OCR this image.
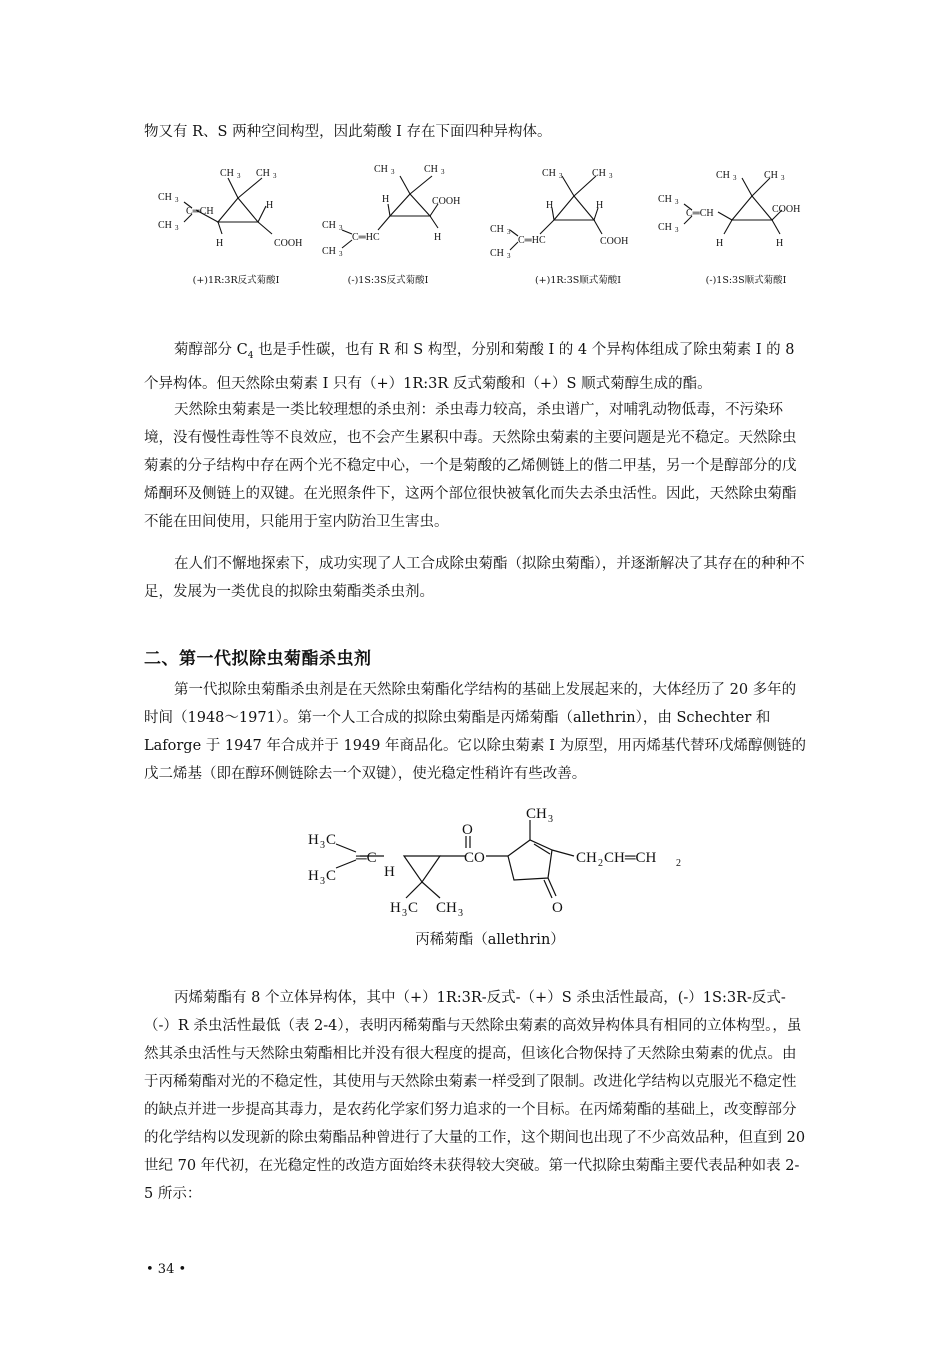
物又有 R、S 两种空间构型，因此菊酸 I 存在下面四种异构体。

CH 3 CH 3
CH 3
CH 3
C═CH
H
H	COOH
CH 3	CH 3
H	COOH
CH 3
C═HC
CH 3
H
CH 3	CH 3
H	H
CH 3
C═HC
CH 3
COOH
CH 3	CH 3
CH 3
CH 3
C═CH	COOH
H	H
(+)1R:3R反式菊酸I	(-)1S:3S反式菊酸I	(+)1R:3S顺式菊酸I	(-)1S:3S顺式菊酸I

菊醇部分 $C_4$ 也是手性碳，也有 R 和 S 构型，分别和菊酸 I 的 4 个异构体组成了除虫菊素 I 的 8 个异构体。但天然除虫菊素 I 只有（+）1R:3R 反式菊酸和（+）S 顺式菊醇生成的酯。

天然除虫菊素是一类比较理想的杀虫剂：杀虫毒力较高，杀虫谱广，对哺乳动物低毒，不污染环境，没有慢性毒性等不良效应，也不会产生累积中毒。天然除虫菊素的主要问题是光不稳定。天然除虫菊素的分子结构中存在两个光不稳定中心，一个是菊酸的乙烯侧链上的偕二甲基，另一个是醇部分的戊烯酮环及侧链上的双键。在光照条件下，这两个部位很快被氧化而失去杀虫活性。因此，天然除虫菊酯不能在田间使用，只能用于室内防治卫生害虫。

在人们不懈地探索下，成功实现了人工合成除虫菊酯（拟除虫菊酯），并逐渐解决了其存在的种种不足，发展为一类优良的拟除虫菊酯类杀虫剂。

二、第一代拟除虫菊酯杀虫剂

第一代拟除虫菊酯杀虫剂是在天然除虫菊酯化学结构的基础上发展起来的，大体经历了 20 多年的时间（1948～1971）。第一个人工合成的拟除虫菊酯是丙烯菊酯（allethrin），由 Schechter 和 Laforge 于 1947 年合成并于 1949 年商品化。它以除虫菊素 I 为原型，用丙烯基代替环戊烯醇侧链的戊二烯基（即在醇环侧链除去一个双键），使光稳定性稍许有些改善。

H 3 C
H 3 C
═C
H
O
CO
CH 3
CH 2 CH═CH 2
H 3 C CH 3	O
丙稀菊酯（allethrin）

丙烯菊酯有 8 个立体异构体，其中（+）1R:3R-反式-（+）S 杀虫活性最高，(-）1S:3R-反式-（-）R 杀虫活性最低（表 2-4），表明丙稀菊酯与天然除虫菊素的高效异构体具有相同的立体构型。，虽然其杀虫活性与天然除虫菊酯相比并没有很大程度的提高，但该化合物保持了天然除虫菊素的优点。由于丙稀菊酯对光的不稳定性，其使用与天然除虫菊素一样受到了限制。改进化学结构以克服光不稳定性的缺点并进一步提高其毒力，是农药化学家们努力追求的一个目标。在丙烯菊酯的基础上，改变醇部分的化学结构以发现新的除虫菊酯品种曾进行了大量的工作，这个期间也出现了不少高效品种，但直到 20 世纪 70 年代初，在光稳定性的改造方面始终未获得较大突破。第一代拟除虫菊酯主要代表品种如表 2-5 所示：

• 34 •
